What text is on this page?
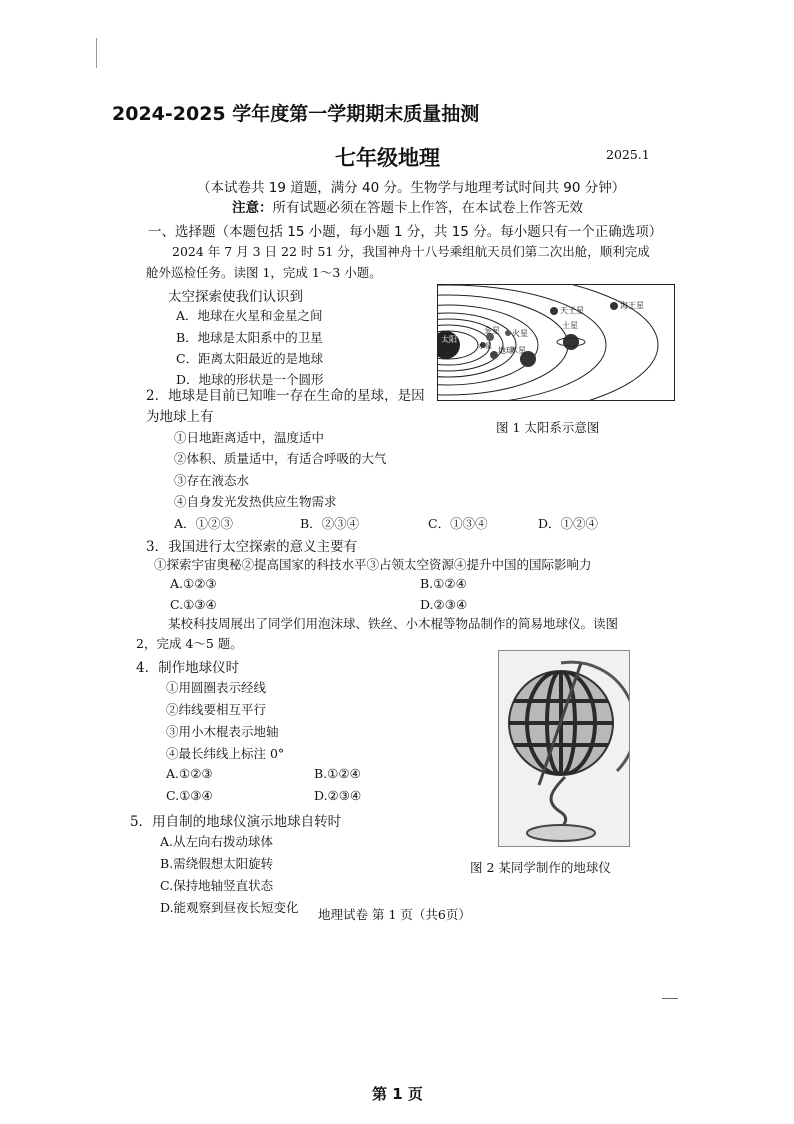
2024-2025 学年度第一学期期末质量抽测
七年级地理	2025.1
（本试卷共 19 道题，满分 40 分。生物学与地理考试时间共 90 分钟）
注意：所有试题必须在答题卡上作答，在本试卷上作答无效
一、选择题（本题包括 15 小题，每小题 1 分，共 15 分。每小题只有一个正确选项）
2024 年 7 月 3 日 22 时 51 分，我国神舟十八号乘组航天员们第二次出舱，顺利完成
舱外巡检任务。读图 1，完成 1～3 小题。
太空探索使我们认识到
A．地球在火星和金星之间
B．地球是太阳系中的卫星
C．距离太阳最近的是地球
D．地球的形状是一个圆形
太阳
水星
金星
地球
火星
木星
土星
天王星
海王星
图 1 太阳系示意图
2．地球是目前已知唯一存在生命的星球，是因
为地球上有
①日地距离适中，温度适中
②体积、质量适中，有适合呼吸的大气
③存在液态水
④自身发光发热供应生物需求
A．①②③	B．②③④	C．①③④	D．①②④
3．我国进行太空探索的意义主要有
①探索宇宙奥秘②提高国家的科技水平③占领太空资源④提升中国的国际影响力
A.①②③	B.①②④
C.①③④	D.②③④
某校科技周展出了同学们用泡沫球、铁丝、小木棍等物品制作的简易地球仪。读图
2，完成 4～5 题。
4．制作地球仪时
①用圆圈表示经线
②纬线要相互平行
③用小木棍表示地轴
④最长纬线上标注 0°
A.①②③	B.①②④
C.①③④	D.②③④
5．用自制的地球仪演示地球自转时
A.从左向右拨动球体
B.需绕假想太阳旋转
C.保持地轴竖直状态
D.能观察到昼夜长短变化
图 2 某同学制作的地球仪
地理试卷 第 1 页（共6页）
第 1 页
